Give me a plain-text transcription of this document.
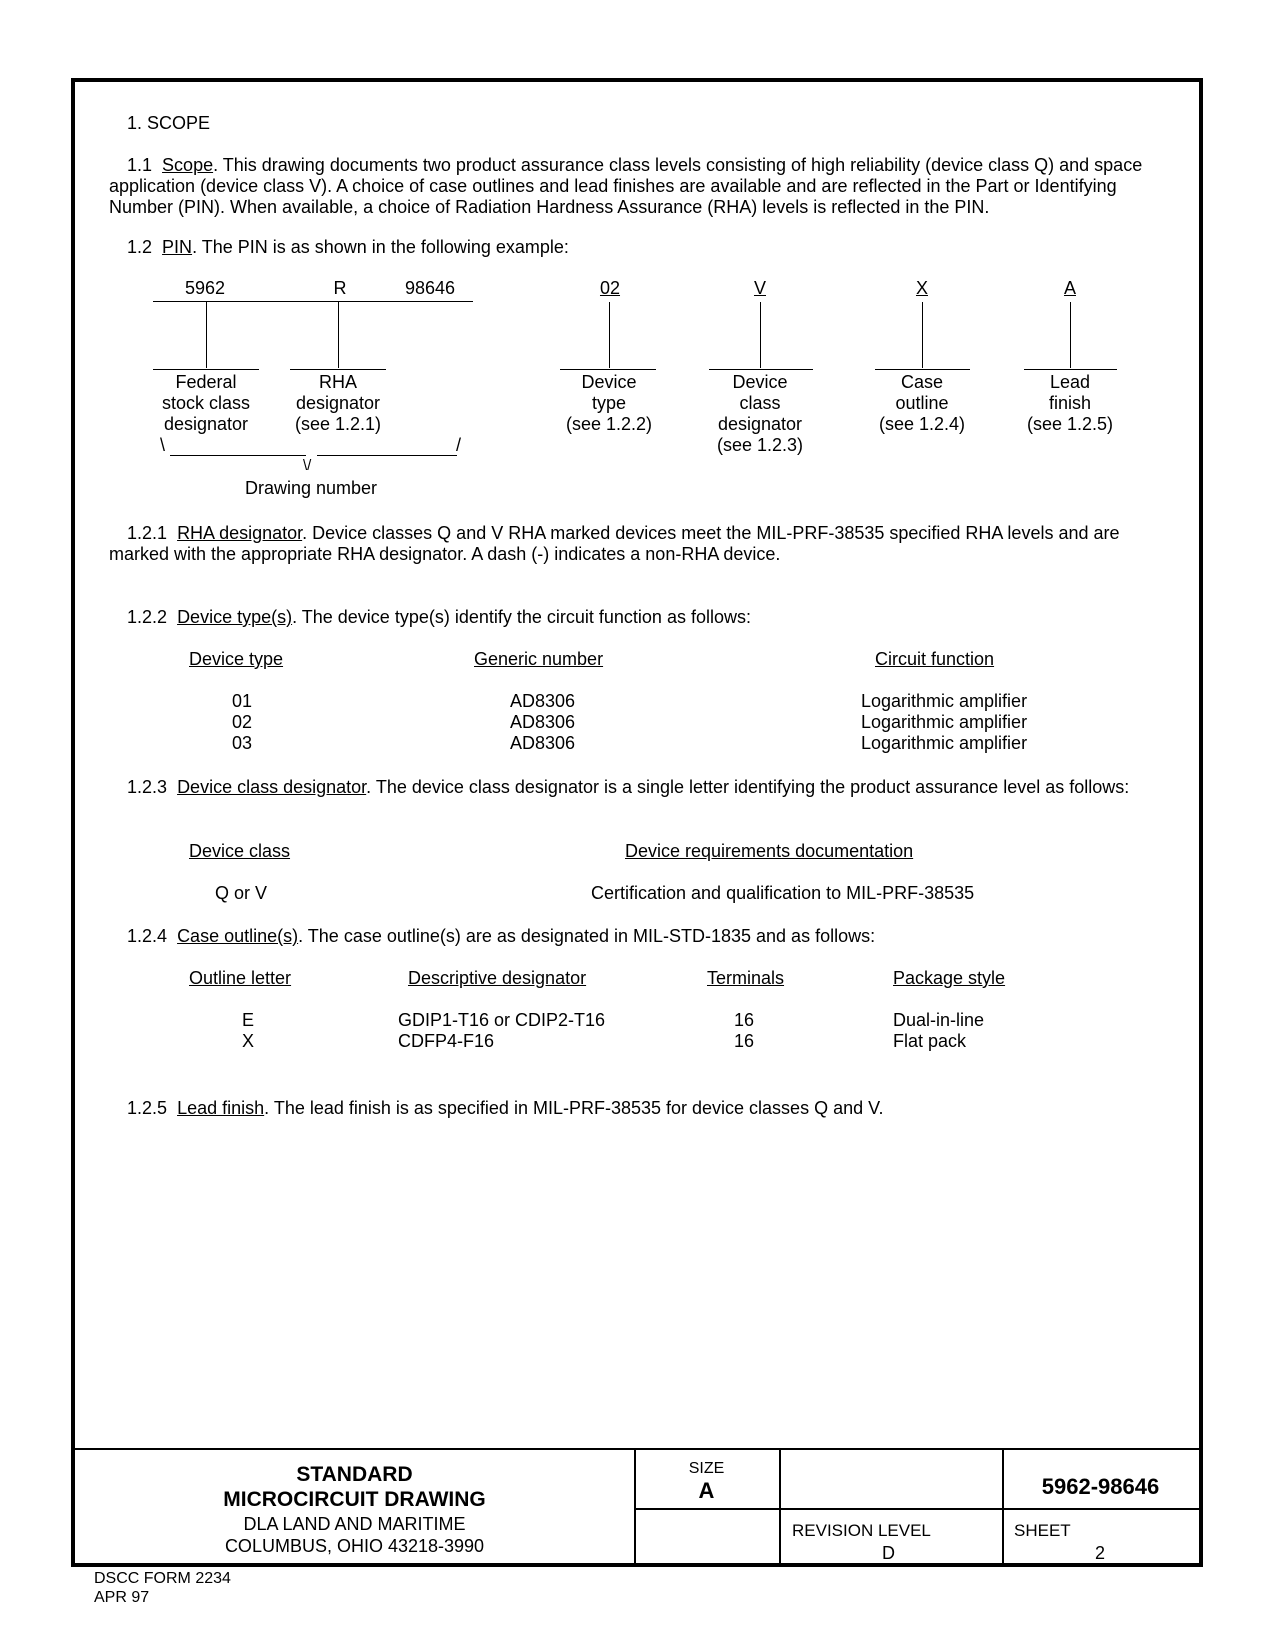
1. SCOPE
1.1 Scope. This drawing documents two product assurance class levels consisting of high reliability (device class Q) and space application (device class V). A choice of case outlines and lead finishes are available and are reflected in the Part or Identifying Number (PIN). When available, a choice of Radiation Hardness Assurance (RHA) levels is reflected in the PIN.
1.2 PIN. The PIN is as shown in the following example:
5962	R	98646	02	V	X	A
Federal
stock class
designator
RHA
designator
(see 1.2.1)
Device
type
(see 1.2.2)
Device
class
designator
(see 1.2.3)
Case
outline
(see 1.2.4)
Lead
finish
(see 1.2.5)
\	/
\/
Drawing number
1.2.1 RHA designator. Device classes Q and V RHA marked devices meet the MIL-PRF-38535 specified RHA levels and are marked with the appropriate RHA designator. A dash (-) indicates a non-RHA device.
1.2.2 Device type(s). The device type(s) identify the circuit function as follows:
Device type	Generic number	Circuit function
01	AD8306	Logarithmic amplifier
02	AD8306	Logarithmic amplifier
03	AD8306	Logarithmic amplifier
1.2.3 Device class designator. The device class designator is a single letter identifying the product assurance level as follows:
Device class	Device requirements documentation
Q or V	Certification and qualification to MIL-PRF-38535
1.2.4 Case outline(s). The case outline(s) are as designated in MIL-STD-1835 and as follows:
Outline letter	Descriptive designator	Terminals	Package style
E	GDIP1-T16 or CDIP2-T16	16	Dual-in-line
X	CDFP4-F16	16	Flat pack
1.2.5 Lead finish. The lead finish is as specified in MIL-PRF-38535 for device classes Q and V.
STANDARD
MICROCIRCUIT DRAWING
DLA LAND AND MARITIME
COLUMBUS, OHIO 43218-3990
SIZE
A	5962-98646
REVISION LEVEL
D
SHEET
2
DSCC FORM 2234
APR 97
